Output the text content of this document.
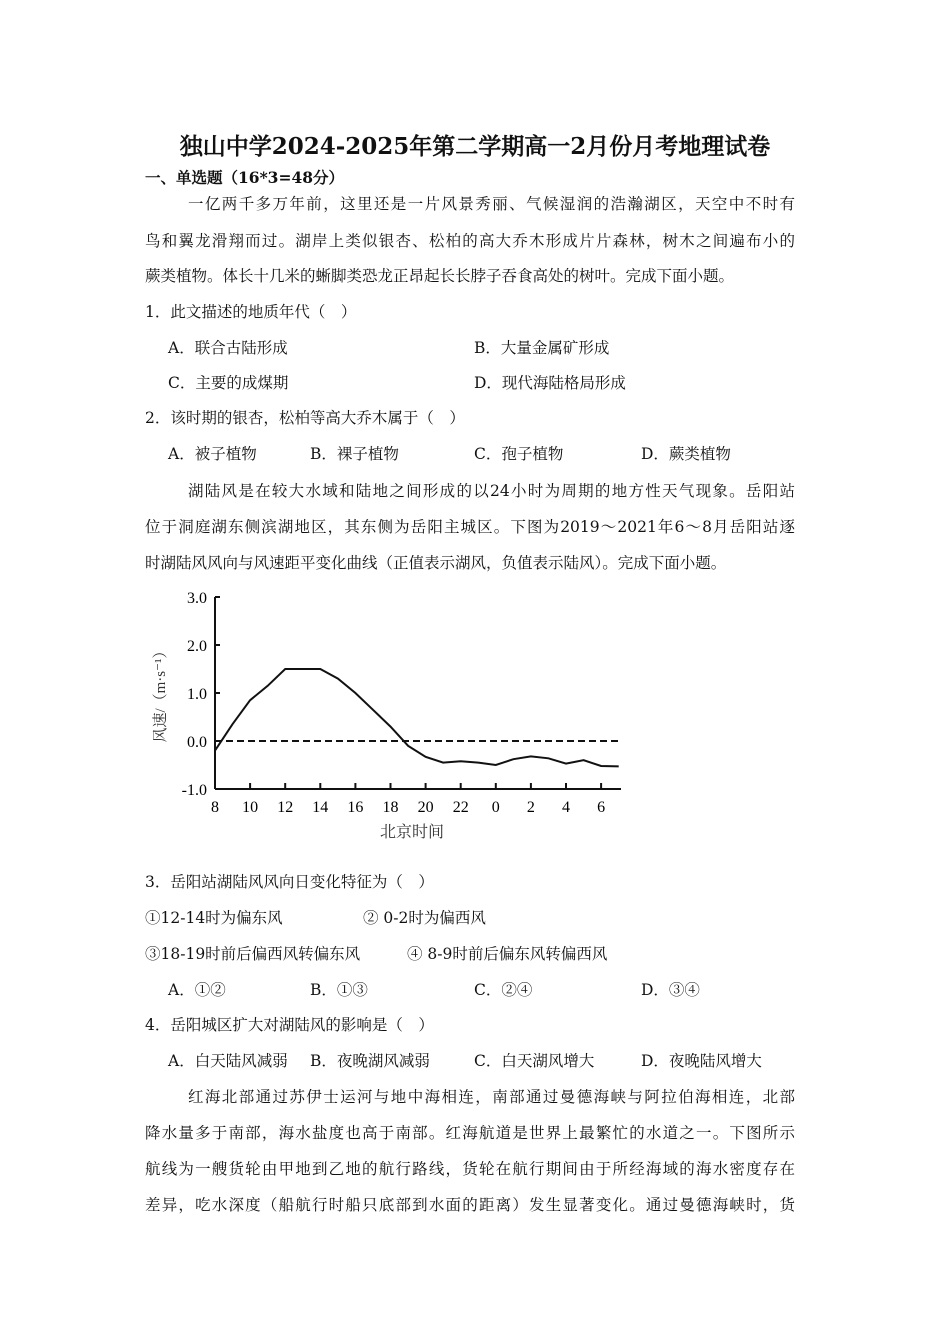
独山中学2024-2025年第二学期高一2月份月考地理试卷
一、单选题（16*3=48分）
一亿两千多万年前，这里还是一片风景秀丽、气候湿润的浩瀚湖区，天空中不时有
鸟和翼龙滑翔而过。湖岸上类似银杏、松柏的高大乔木形成片片森林，树木之间遍布小的
蕨类植物。体长十几米的蜥脚类恐龙正昂起长长脖子吞食高处的树叶。完成下面小题。
1．此文描述的地质年代（　）
A．联合古陆形成	B．大量金属矿形成
C．主要的成煤期	D．现代海陆格局形成
2．该时期的银杏，松柏等高大乔木属于（　）
A．被子植物	B．裸子植物	C．孢子植物	D．蕨类植物
湖陆风是在较大水域和陆地之间形成的以24小时为周期的地方性天气现象。岳阳站
位于洞庭湖东侧滨湖地区，其东侧为岳阳主城区。下图为2019～2021年6～8月岳阳站逐
时湖陆风风向与风速距平变化曲线（正值表示湖风，负值表示陆风）。完成下面小题。
3.0
2.0
1.0
0.0
-1.0
8 10 12 14 16 18 20 22 0 2 4 6
风速/（m·s⁻¹）
北京时间
3．岳阳站湖陆风风向日变化特征为（　）
①12-14时为偏东风	② 0-2时为偏西风
③18-19时前后偏西风转偏东风	④ 8-9时前后偏东风转偏西风
A．①②	B．①③	C．②④	D．③④
4．岳阳城区扩大对湖陆风的影响是（　）
A．白天陆风减弱 B．夜晚湖风减弱	C．白天湖风增大	D．夜晚陆风增大
红海北部通过苏伊士运河与地中海相连，南部通过曼德海峡与阿拉伯海相连，北部
降水量多于南部，海水盐度也高于南部。红海航道是世界上最繁忙的水道之一。下图所示
航线为一艘货轮由甲地到乙地的航行路线，货轮在航行期间由于所经海域的海水密度存在
差异，吃水深度（船航行时船只底部到水面的距离）发生显著变化。通过曼德海峡时，货
